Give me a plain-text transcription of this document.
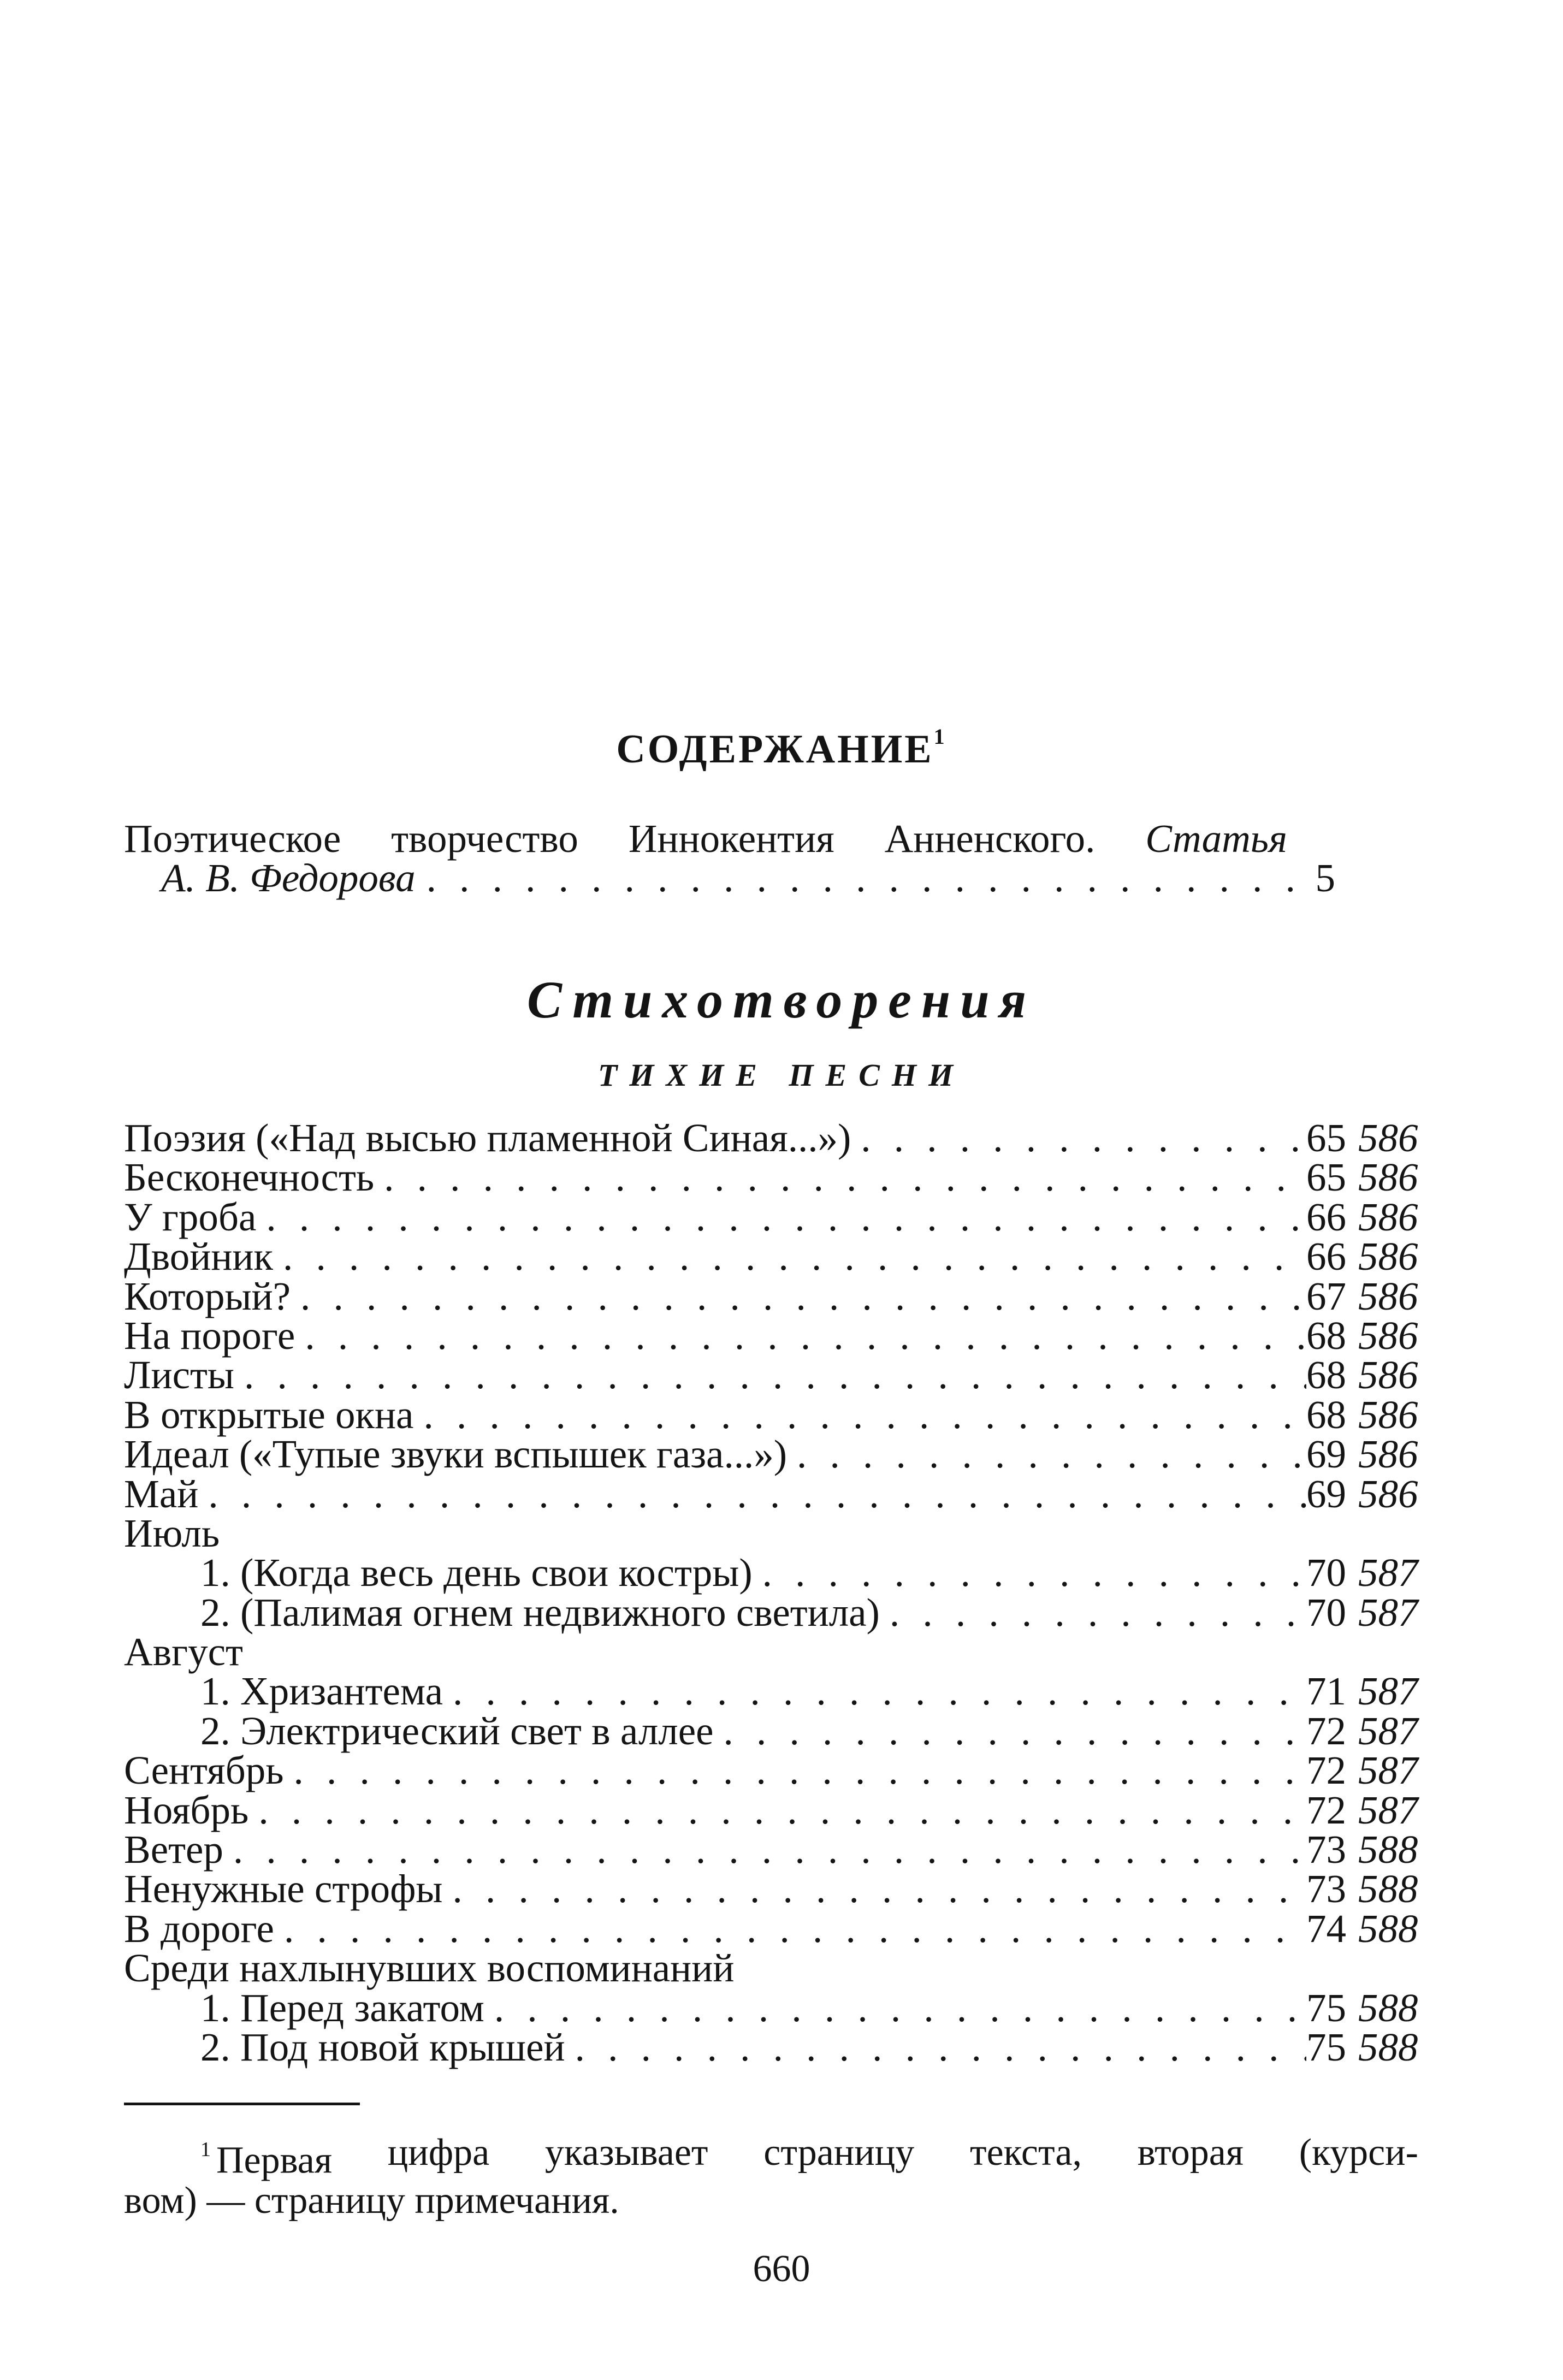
СОДЕРЖАНИЕ$^1$
Поэтическое творчество Иннокентия Анненского. Статья
А. В. Федорова . . .	5
Стихотворения
ТИХИЕ ПЕСНИ
Поэзия («Над высью пламенной Синая...») . . .	65 586
Бесконечность . . .	65 586
У гроба . . .	66 586
Двойник . . .	66 586
Который? . . .	67 586
На пороге . . .	68 586
Листы . . .	68 586
В открытые окна . . .	68 586
Идеал («Тупые звуки вспышек газа...») . . .	69 586
Май . . .	69 586
Июль
1. (Когда весь день свои костры) . . .	70 587
2. (Палимая огнем недвижного светила) . . .	70 587
Август
1. Хризантема . . .	71 587
2. Электрический свет в аллее . . .	72 587
Сентябрь . . .	72 587
Ноябрь . . .	72 587
Ветер . . .	73 588
Ненужные строфы . . .	73 588
В дороге . . .	74 588
Среди нахлынувших воспоминаний
1. Перед закатом . . .	75 588
2. Под новой крышей . . .	75 588
$^1$ Первая цифра указывает страницу текста, вторая (курси-
вом) — страницу примечания.
660
